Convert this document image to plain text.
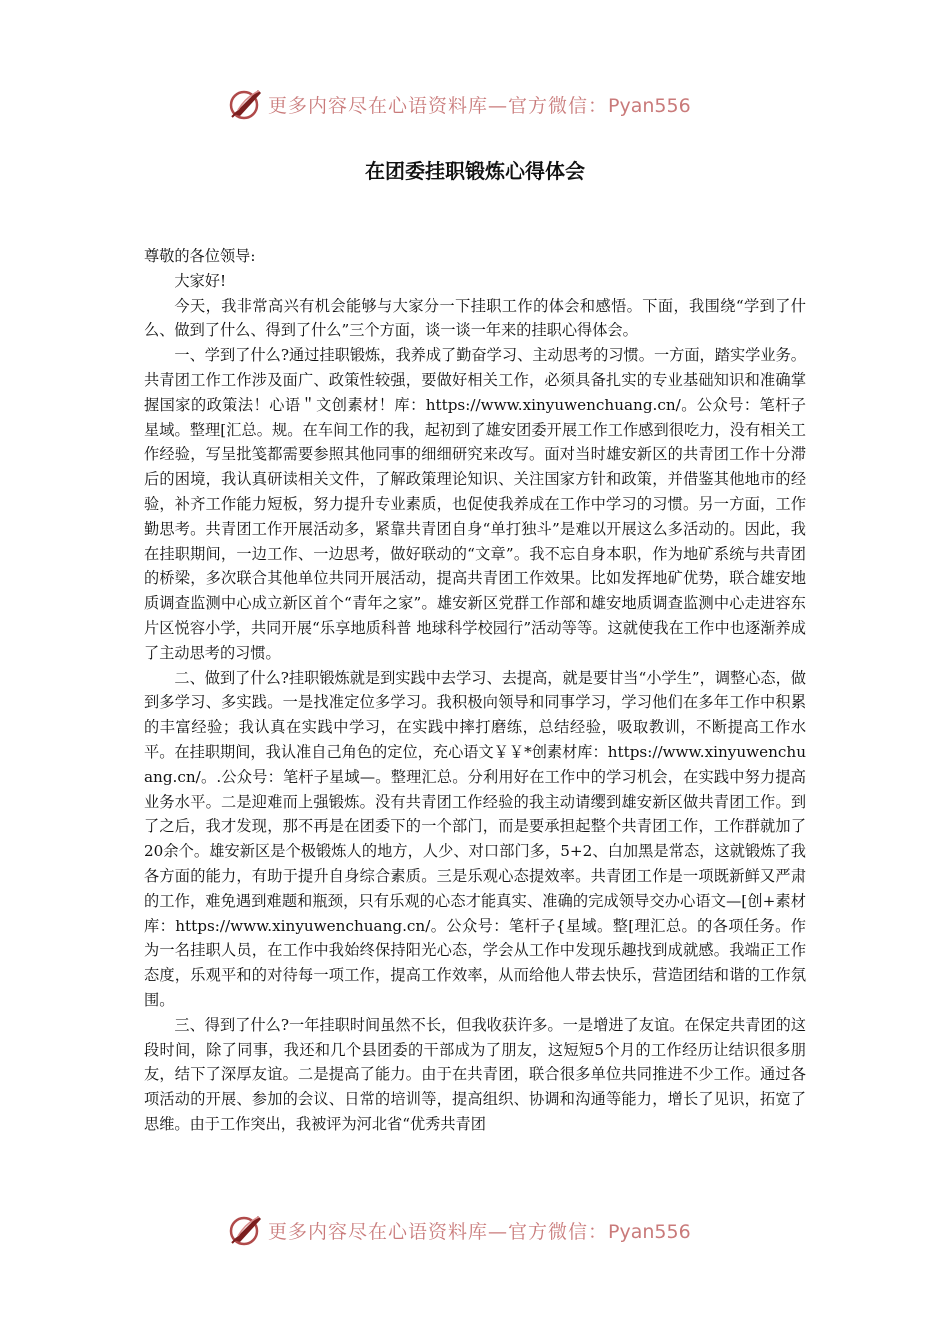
更多内容尽在心语资料库—官方微信：Pyan556
在团委挂职锻炼心得体会

尊敬的各位领导:

大家好!

今天，我非常高兴有机会能够与大家分一下挂职工作的体会和感悟。下面，我围绕“学到了什么、做到了什么、得到了什么”三个方面，谈一谈一年来的挂职心得体会。

一、学到了什么?通过挂职锻炼，我养成了勤奋学习、主动思考的习惯。一方面，踏实学业务。共青团工作工作涉及面广、政策性较强，要做好相关工作，必须具备扎实的专业基础知识和准确掌握国家的政策法！心语＂文创素材！库：https://www.xinyuwenchuang.cn/。公众号：笔杆子星域。整理[汇总。规。在车间工作的我，起初到了雄安团委开展工作工作感到很吃力，没有相关工作经验，写呈批笺都需要参照其他同事的细细研究来改写。面对当时雄安新区的共青团工作十分滞后的困境，我认真研读相关文件，了解政策理论知识、关注国家方针和政策，并借鉴其他地市的经验，补齐工作能力短板，努力提升专业素质，也促使我养成在工作中学习的习惯。另一方面，工作勤思考。共青团工作开展活动多，紧靠共青团自身“单打独斗”是难以开展这么多活动的。因此，我在挂职期间，一边工作、一边思考，做好联动的“文章”。我不忘自身本职，作为地矿系统与共青团的桥梁，多次联合其他单位共同开展活动，提高共青团工作效果。比如发挥地矿优势，联合雄安地质调查监测中心成立新区首个“青年之家”。雄安新区党群工作部和雄安地质调查监测中心走进容东片区悦容小学，共同开展“乐享地质科普 地球科学校园行”活动等等。这就使我在工作中也逐渐养成了主动思考的习惯。

二、做到了什么?挂职锻炼就是到实践中去学习、去提高，就是要甘当“小学生”，调整心态，做到多学习、多实践。一是找准定位多学习。我积极向领导和同事学习，学习他们在多年工作中积累的丰富经验；我认真在实践中学习，在实践中摔打磨练，总结经验，吸取教训，不断提高工作水平。在挂职期间，我认准自己角色的定位，充心语文￥￥*创素材库：https://www.xinyuwenchuang.cn/。.公众号：笔杆子星域—。整理汇总。分利用好在工作中的学习机会，在实践中努力提高业务水平。二是迎难而上强锻炼。没有共青团工作经验的我主动请缨到雄安新区做共青团工作。到了之后，我才发现，那不再是在团委下的一个部门，而是要承担起整个共青团工作，工作群就加了20余个。雄安新区是个极锻炼人的地方，人少、对口部门多，5+2、白加黑是常态，这就锻炼了我各方面的能力，有助于提升自身综合素质。三是乐观心态提效率。共青团工作是一项既新鲜又严肃的工作，难免遇到难题和瓶颈，只有乐观的心态才能真实、准确的完成领导交办心语文—[创+素材库：https://www.xinyuwenchuang.cn/。公众号：笔杆子{星域。整[理汇总。的各项任务。作为一名挂职人员，在工作中我始终保持阳光心态，学会从工作中发现乐趣找到成就感。我端正工作态度，乐观平和的对待每一项工作，提高工作效率，从而给他人带去快乐，营造团结和谐的工作氛围。

三、得到了什么?一年挂职时间虽然不长，但我收获许多。一是增进了友谊。在保定共青团的这段时间，除了同事，我还和几个县团委的干部成为了朋友，这短短5个月的工作经历让结识很多朋友，结下了深厚友谊。二是提高了能力。由于在共青团，联合很多单位共同推进不少工作。通过各项活动的开展、参加的会议、日常的培训等，提高组织、协调和沟通等能力，增长了见识，拓宽了思维。由于工作突出，我被评为河北省“优秀共青团

更多内容尽在心语资料库—官方微信：Pyan556
